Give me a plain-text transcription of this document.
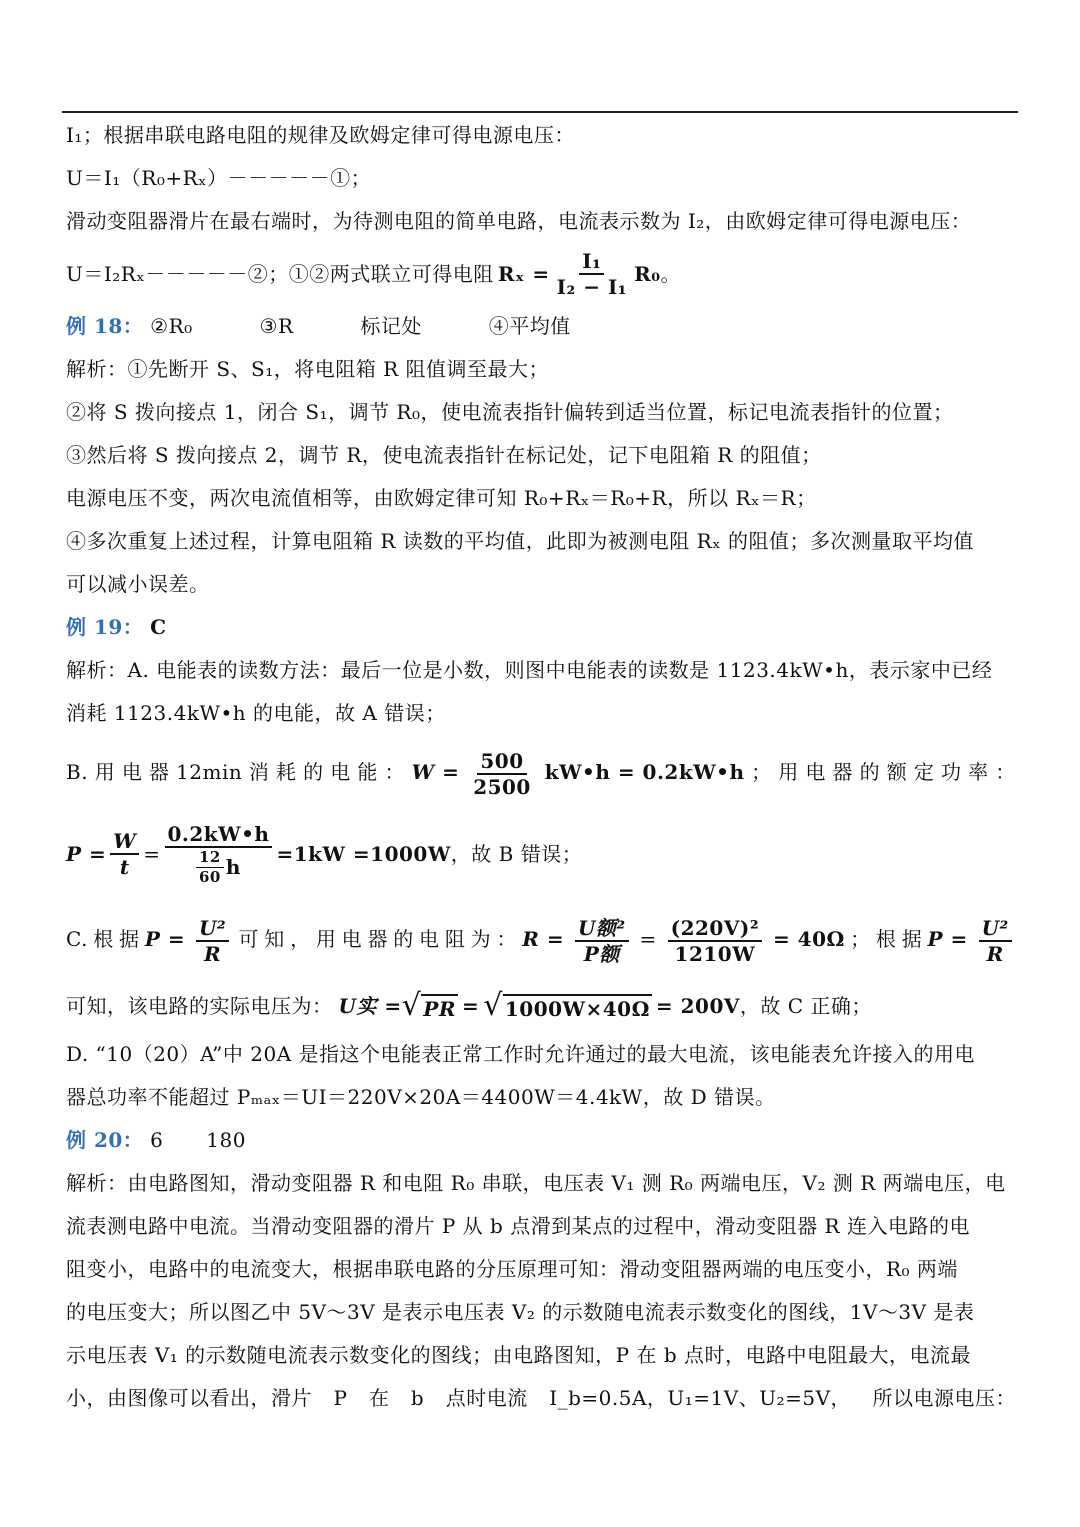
I₁；根据串联电路电阻的规律及欧姆定律可得电源电压：
U＝I₁（R₀+Rₓ）－－－－－①；
滑动变阻器滑片在最右端时，为待测电阻的简单电路，电流表示数为 I₂，由欧姆定律可得电源电压：
U＝I₂Rₓ－－－－－②；①②两式联立可得电阻 $R_x = \frac{\text{I₁}}{\text{I₂ − I₁}} R_0$ 。
例 18： ②R₀	③R	标记处	④平均值
解析：①先断开 S、S₁，将电阻箱 R 阻值调至最大；
②将 S 拨向接点 1，闭合 S₁，调节 R₀，使电流表指针偏转到适当位置，标记电流表指针的位置；
③然后将 S 拨向接点 2，调节 R，使电流表指针在标记处，记下电阻箱 R 的阻值；
电源电压不变，两次电流值相等，由欧姆定律可知 R₀+Rₓ＝R₀+R，所以 Rₓ＝R；
④多次重复上述过程，计算电阻箱 R 读数的平均值，此即为被测电阻 Rₓ 的阻值；多次测量取平均值
可以减小误差。
例 19： C
解析：A. 电能表的读数方法：最后一位是小数，则图中电能表的读数是 1123.4kW•h，表示家中已经
消耗 1123.4kW•h 的电能，故 A 错误；
B. 用 电 器 12min 消 耗 的 电 能 ： $W = \frac{500}{2500}$ kW•h = 0.2kW•h ； 用 电 器 的 额 定 功 率 ：
$P = \frac{W}{t} = \frac{0.2kW•h}{\frac{12}{60} h} =1kW =1000W$ ，故 B 错误；
C. 根 据 $P = \frac{\text{U²}}{R}$ 可 知 ， 用 电 器 的 电 阻 为 ： $R = \frac{\text{U额²}}{\text{P额}} = \frac{\text{(220V)²}}{1210W} = 40\Omega$ ； 根 据 $P = \frac{\text{U²}}{R}$
可知，该电路的实际电压为： U实 = √ PR = √ 1000W×40Ω = 200V ，故 C 正确；
D. “10（20）A”中 20A 是指这个电能表正常工作时允许通过的最大电流，该电能表允许接入的用电
器总功率不能超过 Pₘₐₓ＝UI＝220V×20A＝4400W＝4.4kW，故 D 错误。
例 20： 6 180
解析：由电路图知，滑动变阻器 R 和电阻 R₀ 串联，电压表 V₁ 测 R₀ 两端电压，V₂ 测 R 两端电压，电
流表测电路中电流。当滑动变阻器的滑片 P 从 b 点滑到某点的过程中，滑动变阻器 R 连入电路的电
阻变小，电路中的电流变大，根据串联电路的分压原理可知：滑动变阻器两端的电压变小，R₀ 两端
的电压变大；所以图乙中 5V～3V 是表示电压表 V₂ 的示数随电流表示数变化的图线，1V～3V 是表
示电压表 V₁ 的示数随电流表示数变化的图线；由电路图知，P 在 b 点时，电路中电阻最大，电流最
小，由图像可以看出，滑片 P 在 b 点时电流 I_b=0.5A，U₁=1V、U₂=5V， 所以电源电压：
